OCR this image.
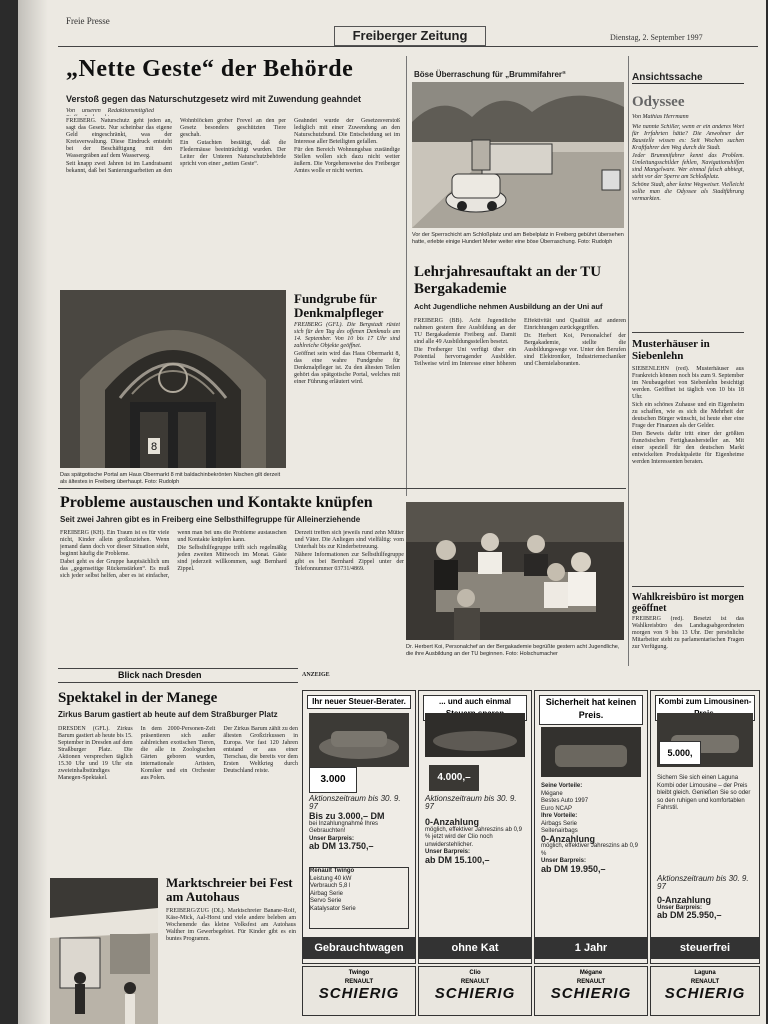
Freie Presse
Freiberger Zeitung	Dienstag, 2. September 1997
„Nette Geste“ der Behörde
Verstoß gegen das Naturschutzgesetz wird mit Zuwendung geahndet
Von unseren Redaktionsmitglied

FREIBERG. Naturschutz geht jeden an, sagt das Gesetz. Nur scheinbar das eigene Geld eingeschränkt, was der Kreisverwaltung. Diese Eindruck entsteht bei der Beschäftigung mit den Wassergräben auf dem Wasserweg.

Seit knapp zwei Jahren ist im Landratsamt bekannt, daß bei Sanierungsarbeiten an den Wohnblöcken grober Frevel an den per Gesetz besonders geschützten Tiere geschah.

Ein Gutachten bestätigt, daß die Fledermäuse beeinträchtigt wurden. Der Leiter der Unteren Naturschutzbehörde spricht von einer „netten Geste“.

Geahndet wurde der Gesetzesverstoß lediglich mit einer Zuwendung an den Naturschutzbund. Die Entscheidung sei im Interesse aller Beteiligten gefallen.

Für den Bereich Wohnungsbau zuständige Stellen wollen sich dazu nicht weiter äußern. Die Vorgehensweise des Freiberger Amtes wolle er nicht werten.

8
Das spätgotische Portal am Haus Obermarkt 8 mit baldachinbekrönten Nischen gilt derzeit als ältestes in Freiberg überhaupt. Foto: Rudolph
Fundgrube für Denkmalpfleger

FREIBERG (GFL). Die Bergstadt rüstet sich für den Tag des offenen Denkmals am 14. September. Von 10 bis 17 Uhr sind zahlreiche Objekte geöffnet.

Geöffnet sein wird das Haus Obermarkt 8, das eine wahre Fundgrube für Denkmalpfleger ist. Zu den ältesten Teilen gehört das spätgotische Portal, welches mit einer Führung erläutert wird.

Böse Überraschung für „Brummifahrer“
Vor der Sperrschicht am Schloßplatz und am Bebelplatz in Freiberg gebührt übersehen hatte, erlebte einige Hundert Meter weiter eine böse Überraschung. Foto: Rudolph
Lehrjahresauftakt an der TU Bergakademie
Acht Jugendliche nehmen Ausbildung an der Uni auf

FREIBERG (BB). Acht Jugendliche nahmen gestern ihre Ausbildung an der TU Bergakademie Freiberg auf. Damit sind alle 49 Ausbildungsstellen besetzt.

Die Freiberger Uni verfügt über ein Potential hervorragender Ausbilder. Teilweise wird im Interesse einer höheren Effektivität und Qualität auf anderen Einrichtungen zurückgegriffen.

Dr. Herbert Koi, Personalchef der Bergakademie, stellte die Ausbildungswege vor. Unter den Berufen sind Elektroniker, Industriemechaniker und Chemielaboranten.

Ansichtssache
Odyssee
Von Mathias Herrmann

Wie nannte Schiller, wenn er ein anderes Wort für Irrfahrten hätte? Die Anwohner der Baustelle wissen es: Seit Wochen suchen Kraftfahrer den Weg durch die Stadt.

Jeder Brummifahrer kennt das Problem. Umleitungsschilder fehlen, Navigationshilfen sind Mangelware. Wer einmal falsch abbiegt, steht vor der Sperre am Schloßplatz.

Schöne Stadt, aber keine Wegweiser. Vielleicht sollte man die Odyssee als Stadtführung vermarkten.

Musterhäuser in Siebenlehn

SIEBENLEHN (red). Musterhäuser aus Frankreich können noch bis zum 9. September im Neubaugebiet von Siebenlehn besichtigt werden. Geöffnet ist täglich von 10 bis 18 Uhr.

Sich ein schönes Zuhause und ein Eigenheim zu schaffen, wie es sich die Mehrheit der deutschen Bürger wünscht, ist heute eher eine Frage der Finanzen als der Gelder.

Den Beweis dafür tritt einer der größten französischen Fertighaushersteller an. Mit einer speziell für den deutschen Markt entwickelten Produktpalette für Eigenheime werden Interessenten beraten.

Wahlkreisbüro ist morgen geöffnet

FREIBERG (red). Besetzt ist das Wahlkreisbüro des Landtagsabgeordneten morgen von 9 bis 13 Uhr. Der persönliche Mitarbeiter steht zu parlamentarischen Fragen zur Verfügung.

Probleme austauschen und Kontakte knüpfen
Seit zwei Jahren gibt es in Freiberg eine Selbsthilfegruppe für Alleinerziehende

FREIBERG (KH). Ein Traum ist es für viele nicht, Kinder allein großzuziehen. Wenn jemand dann doch vor dieser Situation steht, beginnt häufig die Probleme.

Dabei geht es der Gruppe hauptsächlich um das „gegenseitige Rückenstärken“. Es muß sich jeder selbst helfen, aber es ist einfacher, wenn man bei uns die Probleme austauschen und Kontakte knüpfen kann.

Die Selbsthilfegruppe trifft sich regelmäßig jeden zweiten Mittwoch im Monat. Gäste sind jederzeit willkommen, sagt Bernhard Zippel.

Derzeit treffen sich jeweils rund zehn Mütter und Väter. Die Anliegen sind vielfältig: vom Unterhalt bis zur Kinderbetreuung.

Nähere Informationen zur Selbsthilfegruppe gibt es bei Bernhard Zippel unter der Telefonnummer 03731/4869.

Dr. Herbert Koi, Personalchef an der Bergakademie begrüßte gestern acht Jugendliche, die ihre Ausbildung an der TU beginnen. Foto: Holschumacher
Blick nach Dresden
Spektakel in der Manege
Zirkus Barum gastiert ab heute auf dem Straßburger Platz

DRESDEN (GFL). Zirkus Barum gastiert ab heute bis 15. September in Dresden auf dem Straßburger Platz. Die Aktionen versprechen täglich 15.30 Uhr und 19 Uhr ein zweieinhalbstündiges Manegen-Spektakel.

In dem 2000-Personen-Zelt präsentieren sich außer zahlreichen exotischen Tieren, die alle in Zoologischen Gärten geboren wurden, internationale Artisten, Komiker und ein Orchester aus Polen.

Der Zirkus Barum zählt zu den ältesten Großzirkussen in Europa. Vor fast 120 Jahren entstand er aus einer Tierschau, die bereits vor dem Ersten Weltkrieg durch Deutschland reiste.

Marktschreier bei Fest am Autohaus

FREIBERG/ZUG (DL). Marktschreier Banane-Rolf, Käse-Mick, Aal-Horst und viele andere beleben am Wochenende das kleine Volksfest am Autohaus Walther im Gewerbegebiet. Für Kinder gibt es ein buntes Programm.

ANZEIGE
Ihr neuer Steuer-Berater.
3.000
Aktionszeitraum bis 30. 9. 97
Bis zu 3.000,– DM
bei Inzahlungnahme Ihres Gebrauchten!
Unser Barpreis:
ab DM 13.750,–
Renault Twingo
Leistung 40 kW
Verbrauch 5,8 l
Airbag Serie
Servo Serie
Katalysator Serie
Gebrauchtwagen
... und auch einmal
4.000,–
Aktionszeitraum bis 30. 9. 97
0-Anzahlung
möglich, effektiver Jahreszins ab 0,9 % jetzt wird der Clio noch unwiderstehlicher.
Unser Barpreis:
ab DM 15.100,–
ohne Kat
Sicherheit hat keinen Preis.
Seine Vorteile:
Mégane
Bestes Auto 1997
Euro NCAP
Ihre Vorteile:
Airbags Serie
Seitenairbags
0-Anzahlung
möglich, effektiver Jahreszins ab 0,9 %
Unser Barpreis:
ab DM 19.950,–
1 Jahr
Kombi zum Limousinen-
5.000,
Sichern Sie sich einen Laguna Kombi oder Limousine – der Preis bleibt gleich. Genießen Sie so oder so den ruhigen und komfortablen Fahrstil.
Aktionszeitraum bis 30. 9. 97
0-Anzahlung
Unser Barpreis:
ab DM 25.950,–
steuerfrei
Twingo
RENAULT
SCHIERIG
Clio
RENAULT
SCHIERIG
Mégane
RENAULT
SCHIERIG
Laguna
RENAULT
SCHIERIG
